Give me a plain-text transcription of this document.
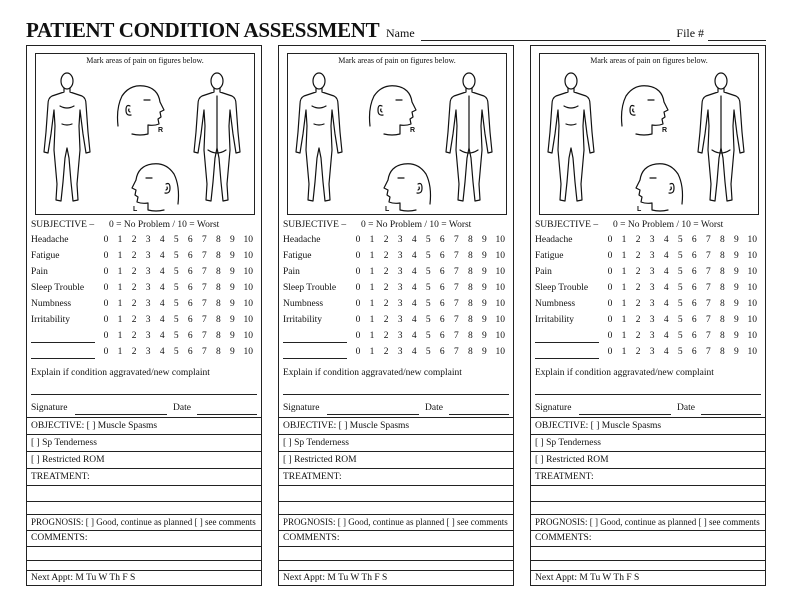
PATIENT CONDITION ASSESSMENT Name	File #
Mark areas of pain on figures below.
R
L
SUBJECTIVE – 0 = No Problem / 10 = Worst
Headache	0 1 2 3 4 5 6 7 8 9 10
Fatigue	0 1 2 3 4 5 6 7 8 9 10
Pain	0 1 2 3 4 5 6 7 8 9 10
Sleep Trouble 0 1 2 3 4 5 6 7 8 9 10
Numbness	0 1 2 3 4 5 6 7 8 9 10
Irritability	0 1 2 3 4 5 6 7 8 9 10
0 1 2 3 4 5 6 7 8 9 10
0 1 2 3 4 5 6 7 8 9 10
Explain if condition aggravated/new complaint
Signature	Date
OBJECTIVE: [ ] Muscle Spasms
[ ] Sp Tenderness
[ ] Restricted ROM
TREATMENT:
PROGNOSIS: [ ] Good, continue as planned [ ] see comments
COMMENTS:
Next Appt: M Tu W Th F S
Mark areas of pain on figures below.
R
L
SUBJECTIVE – 0 = No Problem / 10 = Worst
Headache	0 1 2 3 4 5 6 7 8 9 10
Fatigue	0 1 2 3 4 5 6 7 8 9 10
Pain	0 1 2 3 4 5 6 7 8 9 10
Sleep Trouble 0 1 2 3 4 5 6 7 8 9 10
Numbness	0 1 2 3 4 5 6 7 8 9 10
Irritability	0 1 2 3 4 5 6 7 8 9 10
0 1 2 3 4 5 6 7 8 9 10
0 1 2 3 4 5 6 7 8 9 10
Explain if condition aggravated/new complaint
Signature	Date
OBJECTIVE: [ ] Muscle Spasms
[ ] Sp Tenderness
[ ] Restricted ROM
TREATMENT:
PROGNOSIS: [ ] Good, continue as planned [ ] see comments
COMMENTS:
Next Appt: M Tu W Th F S
Mark areas of pain on figures below.
R
L
SUBJECTIVE – 0 = No Problem / 10 = Worst
Headache	0 1 2 3 4 5 6 7 8 9 10
Fatigue	0 1 2 3 4 5 6 7 8 9 10
Pain	0 1 2 3 4 5 6 7 8 9 10
Sleep Trouble 0 1 2 3 4 5 6 7 8 9 10
Numbness	0 1 2 3 4 5 6 7 8 9 10
Irritability	0 1 2 3 4 5 6 7 8 9 10
0 1 2 3 4 5 6 7 8 9 10
0 1 2 3 4 5 6 7 8 9 10
Explain if condition aggravated/new complaint
Signature	Date
OBJECTIVE: [ ] Muscle Spasms
[ ] Sp Tenderness
[ ] Restricted ROM
TREATMENT:
PROGNOSIS: [ ] Good, continue as planned [ ] see comments
COMMENTS:
Next Appt: M Tu W Th F S
